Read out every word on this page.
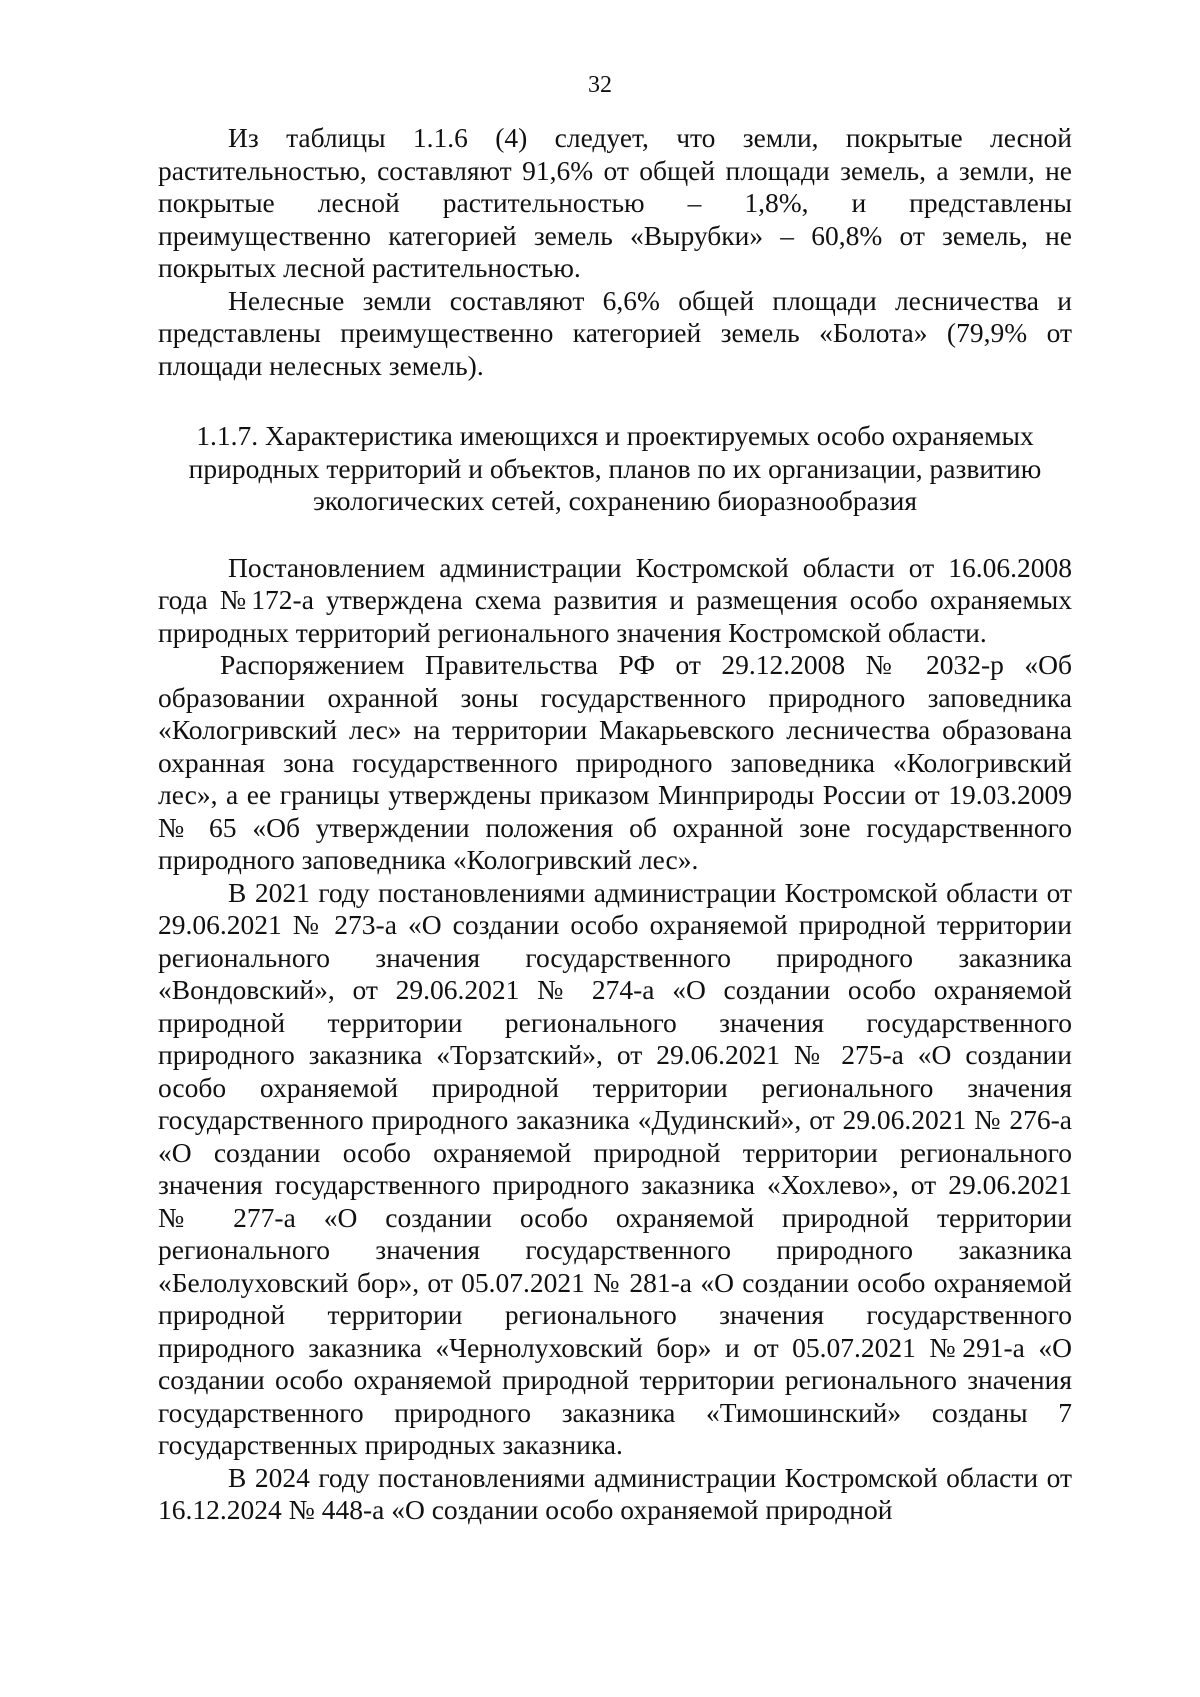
32

Из таблицы 1.1.6 (4) следует, что земли, покрытые лесной растительностью, составляют 91,6% от общей площади земель, а земли, не покрытые лесной растительностью – 1,8%, и представлены преимущественно категорией земель «Вырубки» – 60,8% от земель, не покрытых лесной растительностью.

Нелесные земли составляют 6,6% общей площади лесничества и представлены преимущественно категорией земель «Болота» (79,9% от площади нелесных земель).

1.1.7. Характеристика имеющихся и проектируемых особо охраняемых природных территорий и объектов, планов по их организации, развитию экологических сетей, сохранению биоразнообразия

Постановлением администрации Костромской области от 16.06.2008 года №172-а утверждена схема развития и размещения особо охраняемых природных территорий регионального значения Костромской области.

Распоряжением Правительства РФ от 29.12.2008 № 2032-р «Об образовании охранной зоны государственного природного заповедника «Кологривский лес» на территории Макарьевского лесничества образована охранная зона государственного природного заповедника «Кологривский лес», а ее границы утверждены приказом Минприроды России от 19.03.2009 № 65 «Об утверждении положения об охранной зоне государственного природного заповедника «Кологривский лес».

В 2021 году постановлениями администрации Костромской области от 29.06.2021 № 273-а «О создании особо охраняемой природной территории регионального значения государственного природного заказника «Вондовский», от 29.06.2021 № 274-а «О создании особо охраняемой природной территории регионального значения государственного природного заказника «Торзатский», от 29.06.2021 № 275-а «О создании особо охраняемой природной территории регионального значения государственного природного заказника «Дудинский», от 29.06.2021 № 276-а «О создании особо охраняемой природной территории регионального значения государственного природного заказника «Хохлево», от 29.06.2021 № 277-а «О создании особо охраняемой природной территории регионального значения государственного природного заказника «Белолуховский бор», от 05.07.2021 № 281-а «О создании особо охраняемой природной территории регионального значения государственного природного заказника «Чернолуховский бор» и от 05.07.2021 №291-а «О создании особо охраняемой природной территории регионального значения государственного природного заказника «Тимошинский» созданы 7 государственных природных заказника.

В 2024 году постановлениями администрации Костромской области от 16.12.2024 № 448-а «О создании особо охраняемой природной
